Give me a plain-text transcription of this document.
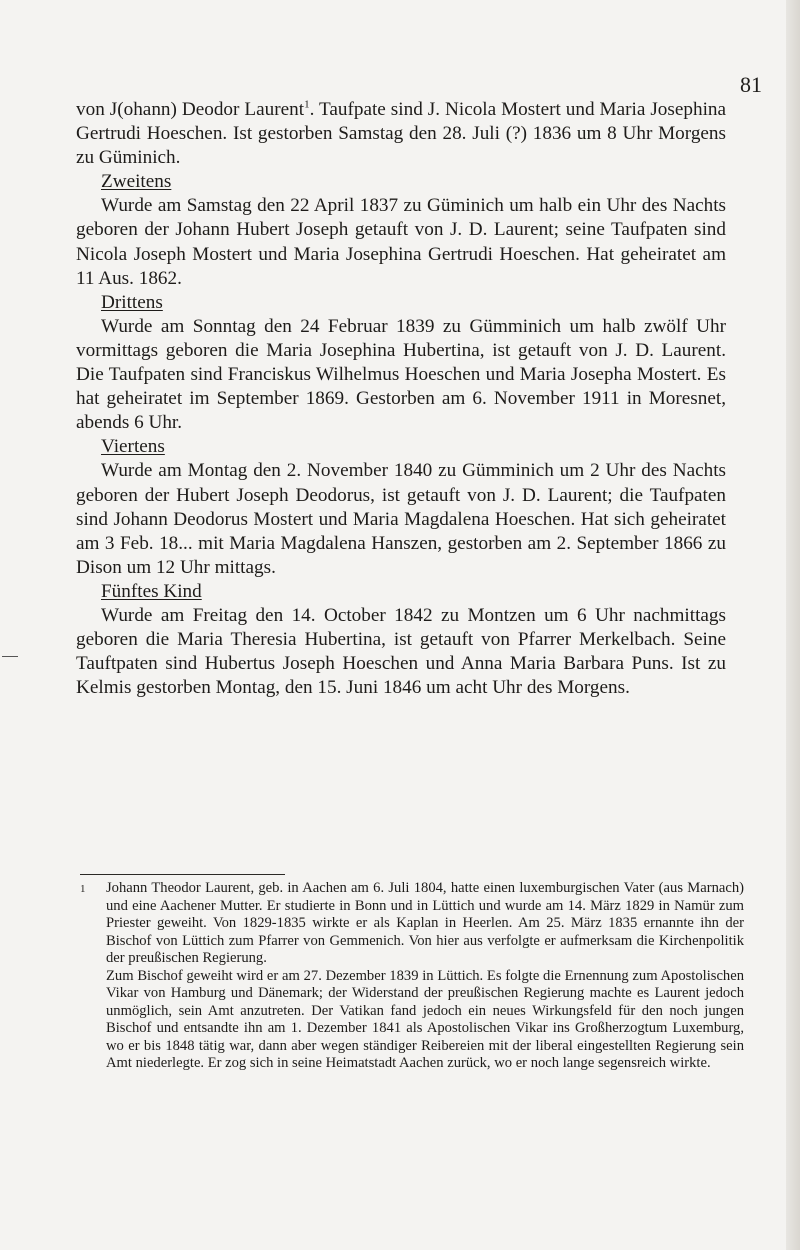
81

von J(ohann) Deodor Laurent$^1$. Taufpate sind J. Nicola Mostert und Maria Josephina Gertrudi Hoeschen. Ist gestorben Samstag den 28. Juli (?) 1836 um 8 Uhr Morgens zu Güminich.

Zweitens

Wurde am Samstag den 22 April 1837 zu Güminich um halb ein Uhr des Nachts geboren der Johann Hubert Joseph getauft von J. D. Laurent; seine Taufpaten sind Nicola Joseph Mostert und Maria Josephina Gertrudi Hoeschen. Hat geheiratet am 11 Aus. 1862.

Drittens

Wurde am Sonntag den 24 Februar 1839 zu Gümminich um halb zwölf Uhr vormittags geboren die Maria Josephina Hubertina, ist getauft von J. D. Laurent. Die Taufpaten sind Franciskus Wilhelmus Hoeschen und Maria Josepha Mostert. Es hat geheiratet im September 1869. Gestorben am 6. November 1911 in Moresnet, abends 6 Uhr.

Viertens

Wurde am Montag den 2. November 1840 zu Gümminich um 2 Uhr des Nachts geboren der Hubert Joseph Deodorus, ist getauft von J. D. Laurent; die Taufpaten sind Johann Deodorus Mostert und Maria Magdalena Hoeschen. Hat sich geheiratet am 3 Feb. 18... mit Maria Magdalena Hanszen, gestorben am 2. September 1866 zu Dison um 12 Uhr mittags.

Fünftes Kind

Wurde am Freitag den 14. October 1842 zu Montzen um 6 Uhr nachmittags geboren die Maria Theresia Hubertina, ist getauft von Pfarrer Merkelbach. Seine Tauftpaten sind Hubertus Joseph Hoeschen und Anna Maria Barbara Puns. Ist zu Kelmis gestorben Montag, den 15. Juni 1846 um acht Uhr des Morgens.

1	Johann Theodor Laurent, geb. in Aachen am 6. Juli 1804, hatte einen luxemburgischen Vater (aus Marnach) und eine Aachener Mutter. Er studierte in Bonn und in Lüttich und wurde am 14. März 1829 in Namür zum Priester geweiht. Von 1829-1835 wirkte er als Kaplan in Heerlen. Am 25. März 1835 ernannte ihn der Bischof von Lüttich zum Pfarrer von Gemmenich. Von hier aus verfolgte er aufmerksam die Kirchenpolitik der preußischen Regierung.

Zum Bischof geweiht wird er am 27. Dezember 1839 in Lüttich. Es folgte die Ernennung zum Apostolischen Vikar von Hamburg und Dänemark; der Widerstand der preußischen Regierung machte es Laurent jedoch unmöglich, sein Amt anzutreten. Der Vatikan fand jedoch ein neues Wirkungsfeld für den noch jungen Bischof und entsandte ihn am 1. Dezember 1841 als Apostolischen Vikar ins Großherzogtum Luxemburg, wo er bis 1848 tätig war, dann aber wegen ständiger Reibereien mit der liberal eingestellten Regierung sein Amt niederlegte. Er zog sich in seine Heimatstadt Aachen zurück, wo er noch lange segensreich wirkte.
